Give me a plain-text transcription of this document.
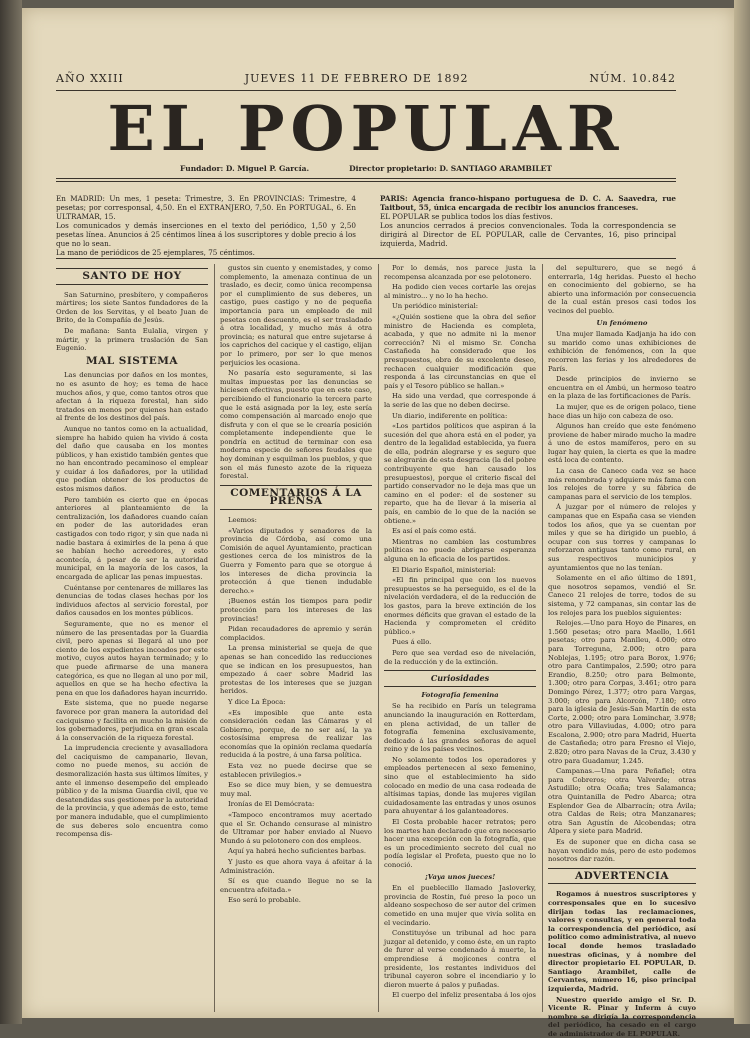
AÑO XXIII	JUEVES 11 DE FEBRERO DE 1892	NÚM. 10.842
EL POPULAR
Fundador: D. Miguel P. García.	Director propietario: D. SANTIAGO ARAMBILET
En MADRID: Un mes, 1 peseta: Trimestre, 3. En PROVINCIAS: Trimestre, 4 pesetas; por corresponsal, 4,50. En el EXTRANJERO, 7,50. En PORTUGAL, 6. En ULTRAMAR, 15.
Los comunicados y demás inserciones en el texto del periódico, 1,50 y 2,50 pesetas línea. Anuncios á 25 céntimos línea á los suscriptores y doble precio á los que no lo sean.
La mano de periódicos de 25 ejemplares, 75 céntimos.
PARIS: Agencia franco-hispano portuguesa de D. C. A. Saavedra, rue Taitbout, 55, única encargada de recibir los anuncios franceses.
EL POPULAR se publica todos los días festivos.
Los anuncios cerrados á precios convencionales. Toda la correspondencia se dirigirá al Director de EL POPULAR, calle de Cervantes, 16, piso principal izquierda, Madrid.
SANTO DE HOY

San Saturnino, presbítero, y compañeros mártires; los siete Santos fundadores de la Orden de los Servitas, y el beato Juan de Brito, de la Compañía de Jesús.

De mañana: Santa Eulalia, virgen y mártir, y la primera traslación de San Eugenio.

MAL SISTEMA

Las denuncias por daños en los montes, no es asunto de hoy; es tema de hace muchos años, y que, como tantos otros que afectan á la riqueza forestal, han sido tratados en menos por quienes han estado al frente de los destinos del país.

Aunque no tantos como en la actualidad, siempre ha habido quien ha vivido á costa del daño que causaba en los montes públicos, y han existido también gentes que no han encontrado pecaminoso el emplear y cuidar á los dañadores, por la utilidad que podían obtener de los productos de estos mismos daños.

Pero también es cierto que en épocas anteriores al planteamiento de la centralización, los dañadores cuando caían en poder de las autoridades eran castigados con todo rigor, y sin que nada ni nadie bastara á eximirles de la pena á que se habían hecho acreedores, y esto acontecía, á pesar de ser la autoridad municipal, en la mayoría de los casos, la encargada de aplicar las penas impuestas.

Cuéntanse por centenares de millares las denuncias de todas clases hechas por los individuos afectos al servicio forestal, por daños causados en los montes públicos.

Seguramente, que no es menor el número de las presentadas por la Guardia civil, pero apenas si llegará al uno por ciento de los expedientes incoados por este motivo, cuyos autos hayan terminado; y lo que puede afirmarse de una manera categórica, es que no llegan al uno por mil, aquellos en que se ha hecho efectiva la pena en que los dañadores hayan incurrido.

Este sistema, que no puede negarse favorece por gran manera la autoridad del caciquismo y facilita en mucho la misión de los gobernadores, perjudica en gran escala á la conservación de la riqueza forestal.

La imprudencia creciente y avasalladora del caciquismo de campanario, llevan, como no puede menos, su acción de desmoralización hasta sus últimos límites, y ante el inmenso desempeño del empleado público y de la misma Guardia civil, que ve desatendidas sus gestiones por la autoridad de la provincia, y que además de esto, teme por manera indudable, que el cumplimiento de sus deberes solo encuentra como recompensa dis-

gustos sin cuento y enemistades, y como complemento, la amenaza continua de un traslado, es decir, como única recompensa por el cumplimiento de sus deberes, un castigo, pues castigo y no de pequeña importancia para un empleado de mil pesetas con descuento, es el ser trasladado á otra localidad, y mucho más á otra provincia; es natural que entre sujetarse á los caprichos del cacique y el castigo, elijan por lo primero, por ser lo que menos perjuicios les ocasiona.

No pasaría esto seguramente, si las multas impuestas por las denuncias se hiciesen efectivas, puesto que en este caso, percibiendo el funcionario la tercera parte que le está asignada por la ley, este sería como compensación al marcado enojo que disfruta y con el que se le crearía posición completamente independiente que le pondría en actitud de terminar con esa moderna especie de señores feudales que hoy dominan y esquilman los pueblos, y que son el más funesto azote de la riqueza forestal.

COMENTARIOS Á LA PRENSA

Leemos:

«Varios diputados y senadores de la provincia de Córdoba, así como una Comisión de aquel Ayuntamiento, practican gestiones cerca de los ministros de la Guerra y Fomento para que se otorgue á los intereses de dicha provincia la protección á que tienen indudable derecho.»

¡Buenos están los tiempos para pedir protección para los intereses de las provincias!

Pidan recaudadores de apremio y serán complacidos.

La prensa ministerial se queja de que apenas se han concedido las reducciones que se indican en los presupuestos, han empezado á caer sobre Madrid las protestas de los intereses que se juzgan heridos.

Y dice La Época:

«Es imposible que ante esta consideración cedan las Cámaras y el Gobierno, porque, de no ser así, la ya costosísima empresa de realizar las economías que la opinión reclama quedaría reducida á la postre, á una farsa política.

Esta vez no puede decirse que se establecen privilegios.»

Eso se dice muy bien, y se demuestra muy mal.

Ironías de El Demócrata:

«Tampoco encontramos muy acertado que el Sr. Ochando censurase al ministro de Ultramar por haber enviado al Nuevo Mundo á su pelotonero con dos empleos.

Aquí ya habrá hecho suficientes barbas.

Y justo es que ahora vaya á afeitar á la Administración.

Sí es que cuando llegue no se la encuentra afeitada.»

Eso será lo probable.

Por lo demás, nos parece justa la recompensa alcanzada por ese pelotonero.

Ha podido cien veces cortarle las orejas al ministro... y no lo ha hecho.

Un periódico ministerial:

«¿Quién sostiene que la obra del señor ministro de Hacienda es completa, acabada, y que no admite ni la menor corrección? Ni el mismo Sr. Concha Castañeda ha considerado que los presupuestos, obra de su excelente deseo, rechacen cualquier modificación que responda á las circunstancias en que el país y el Tesoro público se hallan.»

Ha sido una verdad, que corresponde á la serie de las que no deben decirse.

Un diario, indiferente en política:

«Los partidos políticos que aspiran á la sucesión del que ahora está en el poder, ya dentro de la legalidad establecida, ya fuera de ella, podrán alegrarse y es seguro que se alegrarán de esta desgracia (la del pobre contribuyente que han causado los presupuestos), porque el criterio fiscal del partido conservador no le deja mas que un camino en el poder: el de sostener su reparto, que ha de llevar á la miseria al país, en cambio de lo que de la nación se obtiene.»

Es así el país como está.

Mientras no cambien las costumbres políticas no puede abrigarse esperanza alguna en la eficacia de los partidos.

El Diario Español, ministerial:

«El fin principal que con los nuevos presupuestos se ha perseguido, es el de la nivelación verdadera, el de la reducción de los gastos, para la breve extinción de los enormes déficits que gravan el estado de la Hacienda y comprometen el crédito público.»

Pues á ello.

Pero que sea verdad eso de nivelación, de la reducción y de la extinción.

Curiosidades
Fotografía femenina

Se ha recibido en París un telegrama anunciando la inauguración en Rotterdam, en plena actividad, de un taller de fotografía femenina exclusivamente, dedicado á las grandes señoras de aquel reino y de los países vecinos.

No solamente todos los operadores y empleados pertenecen al sexo femenino, sino que el establecimiento ha sido colocado en medio de una casa rodeada de altísimas tapias, donde las mujeres vigilan cuidadosamente las entradas y unos osunos para ahuyentar á los galanteadores.

El Costa probable hacer retratos; pero los martes han declarado que era necesario hacer una excepción con la fotografía, que es un procedimiento secreto del cual no podía legislar el Profeta, puesto que no lo conoció.

¡Vaya unos jueces!

En el pueblecillo llamado Jasloverky, provincia de Rostin, fué preso la poco un aldeano sospechoso de ser autor del crimen cometido en una mujer que vivía solita en el vecindario.

Constituyóse un tribunal ad hoc para juzgar al detenido, y como éste, en un rapto de furor al verse condenado á muerte, la emprendiese á mojicones contra el presidente, los restantes individuos del tribunal cayeron sobre el incendiario y lo dieron muerte á palos y puñadas.

El cuerpo del infeliz presentaba á los ojos

del sepulturero, que se negó á enterrarla, 14g heridas. Puesto el hecho en conocimiento del gobierno, se ha abierto una información por consecuencia de la cual están presos casi todos los vecinos del pueblo.

Un fenómeno

Una mujer llamada Kadjanja ha ido con su marido como unas exhibiciones de exhibición de fenómenos, con la que recorren las ferias y los alrededores de París.

Desde principios de invierno se encuentra en el Ambú, un hermoso teatro en la plaza de las fortificaciones de París.

La mujer, que es de origen polaco, tiene hace dias un hijo con cabeza de oso.

Algunos han creído que este fenómeno proviene de haber mirado mucho la madre á uno de estos mamíferos, pero en su lugar hay quien, la cierta es que la madre está loca de contento.

La casa de Caneco cada vez se hace más renombrada y adquiere más fama con los relojes de torre y su fábrica de campanas para el servicio de los templos.

Á juzgar por el número de relojes y campanas que en España casa se vienden todos los años, que ya se cuentan por miles y que se ha dirigido un pueblo, á ocupar con sus torres y campanas lo reforzaron antiguas tanto como rural, en sus respectivos municipios y ayuntamientos que no las tenían.

Solamente en el año último de 1891, que nosotros sepamos, vendió el Sr. Caneco 21 relojes de torre, todos de su sistema, y 72 campanas, sin contar las de los relojes para los pueblos siguientes:

Relojes.—Uno para Hoyo de Pinares, en 1.560 pesetas; otro para Maello, 1.661 pesetas; otro para Manlleu, 4.000; otro para Torreguna, 2.000; otro para Noblejas, 1.195; otro para Borox, 1.976; otro para Cantimpalos, 2.590; otro para Erandio, 8.250; otro para Belmonte, 1.300; otro para Corpas, 3.461; otro para Domingo Pérez, 1.377; otro para Vargas, 3.000; otro para Alcorcón, 7.180; otro para la iglesia de Jesús-San Martín de esta Corte, 2.000; otro para Lominchar, 3.978; otro para Villaviudas, 4.000; otro para Escalona, 2.900; otro para Madrid, Huerta de Castañeda; otro para Fresno el Viejo, 2.820; otro para Navas de la Cruz, 3.430 y otro para Guadamur, 1.245.

Campanas.—Una para Peñafiel; otra para Cobreros; otra Valverde; otras Astudillo; otra Ocaña; tres Salamanca; otra Quintanilla de Pedro Abarca; otra Esplendor Gea de Albarracín; otra Ávila; otra Caldas de Reis; otra Manzanares; otra San Agustín de Alcobendas; otra Alpera y siete para Madrid.

Es de suponer que en dicha casa se hayan vendido más, pero de esto podemos nosotros dar razón.

ADVERTENCIA

Rogamos á nuestros suscriptores y corresponsales que en lo sucesivo dirijan todas las reclamaciones, valores y consultas, y en general toda la correspondencia del periódico, así político como administrativa, al nuevo local donde hemos trasladado nuestras oficinas, y á nombre del director propietario EL POPULAR, D. Santiago Arambilet, calle de Cervantes, número 16, piso principal izquierda, Madrid.

Nuestro querido amigo el Sr. D. Vicente R. Pinar y Inferm á cuyo nombre se dirigía la correspondencia del periódico, ha cesado en el cargo de administrador de EL POPULAR.
